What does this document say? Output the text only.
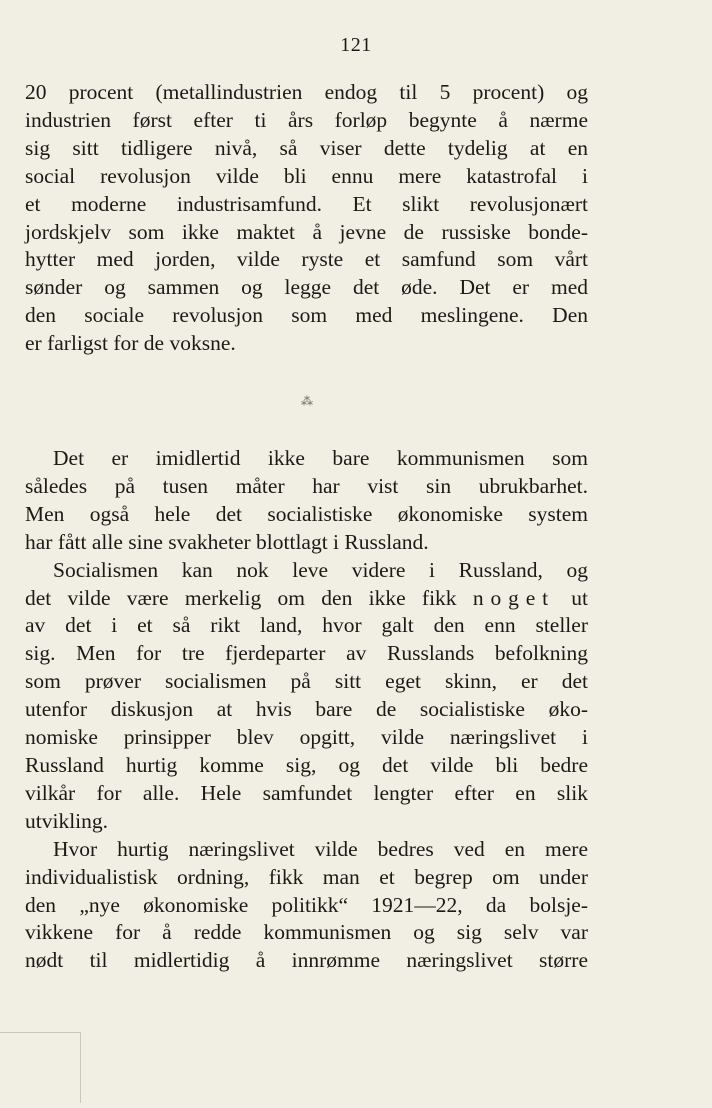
121

20 procent (metallindustrien endog til 5 procent) og
industrien først efter ti års forløp begynte å nærme
sig sitt tidligere nivå, så viser dette tydelig at en
social revolusjon vilde bli ennu mere katastrofal i
et moderne industrisamfund. Et slikt revolusjonært
jordskjelv som ikke maktet å jevne de russiske bonde-
hytter med jorden, vilde ryste et samfund som vårt
sønder og sammen og legge det øde. Det er med
den sociale revolusjon som med meslingene. Den
er farligst for de voksne.

⁂

Det er imidlertid ikke bare kommunismen som
således på tusen måter har vist sin ubrukbarhet.
Men også hele det socialistiske økonomiske system
har fått alle sine svakheter blottlagt i Russland.

Socialismen kan nok leve videre i Russland, og
det vilde være merkelig om den ikke fikk noget ut
av det i et så rikt land, hvor galt den enn steller
sig. Men for tre fjerdeparter av Russlands befolkning
som prøver socialismen på sitt eget skinn, er det
utenfor diskusjon at hvis bare de socialistiske øko-
nomiske prinsipper blev opgitt, vilde næringslivet i
Russland hurtig komme sig, og det vilde bli bedre
vilkår for alle. Hele samfundet lengter efter en slik
utvikling.

Hvor hurtig næringslivet vilde bedres ved en mere
individualistisk ordning, fikk man et begrep om under
den „nye økonomiske politikk“ 1921—22, da bolsje-
vikkene for å redde kommunismen og sig selv var
nødt til midlertidig å innrømme næringslivet større
